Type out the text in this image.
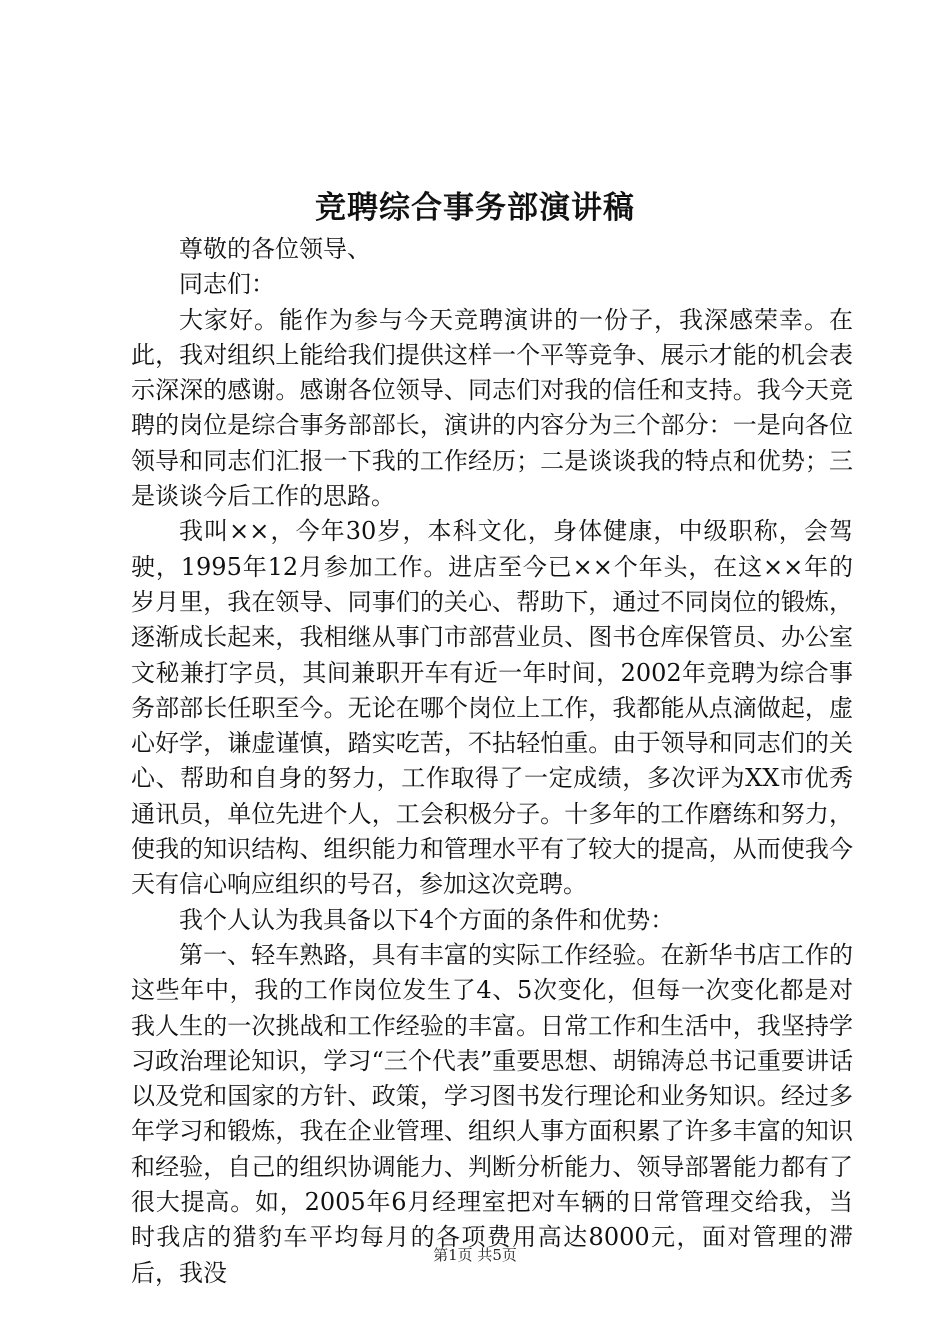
竞聘综合事务部演讲稿

尊敬的各位领导、

同志们：

大家好。能作为参与今天竞聘演讲的一份子，我深感荣幸。在此，我对组织上能给我们提供这样一个平等竞争、展示才能的机会表示深深的感谢。感谢各位领导、同志们对我的信任和支持。我今天竞聘的岗位是综合事务部部长，演讲的内容分为三个部分：一是向各位领导和同志们汇报一下我的工作经历；二是谈谈我的特点和优势；三是谈谈今后工作的思路。

我叫××，今年30岁，本科文化，身体健康，中级职称，会驾驶，1995年12月参加工作。进店至今已××个年头，在这××年的岁月里，我在领导、同事们的关心、帮助下，通过不同岗位的锻炼，逐渐成长起来，我相继从事门市部营业员、图书仓库保管员、办公室文秘兼打字员，其间兼职开车有近一年时间，2002年竞聘为综合事务部部长任职至今。无论在哪个岗位上工作，我都能从点滴做起，虚心好学，谦虚谨慎，踏实吃苦，不拈轻怕重。由于领导和同志们的关心、帮助和自身的努力，工作取得了一定成绩，多次评为XX市优秀通讯员，单位先进个人，工会积极分子。十多年的工作磨练和努力，使我的知识结构、组织能力和管理水平有了较大的提高，从而使我今天有信心响应组织的号召，参加这次竞聘。

我个人认为我具备以下4个方面的条件和优势：

第一、轻车熟路，具有丰富的实际工作经验。在新华书店工作的这些年中，我的工作岗位发生了4、5次变化，但每一次变化都是对我人生的一次挑战和工作经验的丰富。日常工作和生活中，我坚持学习政治理论知识，学习“三个代表”重要思想、胡锦涛总书记重要讲话以及党和国家的方针、政策，学习图书发行理论和业务知识。经过多年学习和锻炼，我在企业管理、组织人事方面积累了许多丰富的知识和经验，自己的组织协调能力、判断分析能力、领导部署能力都有了很大提高。如，2005年6月经理室把对车辆的日常管理交给我，当时我店的猎豹车平均每月的各项费用高达8000元，面对管理的滞后，我没

第1页 共5页
